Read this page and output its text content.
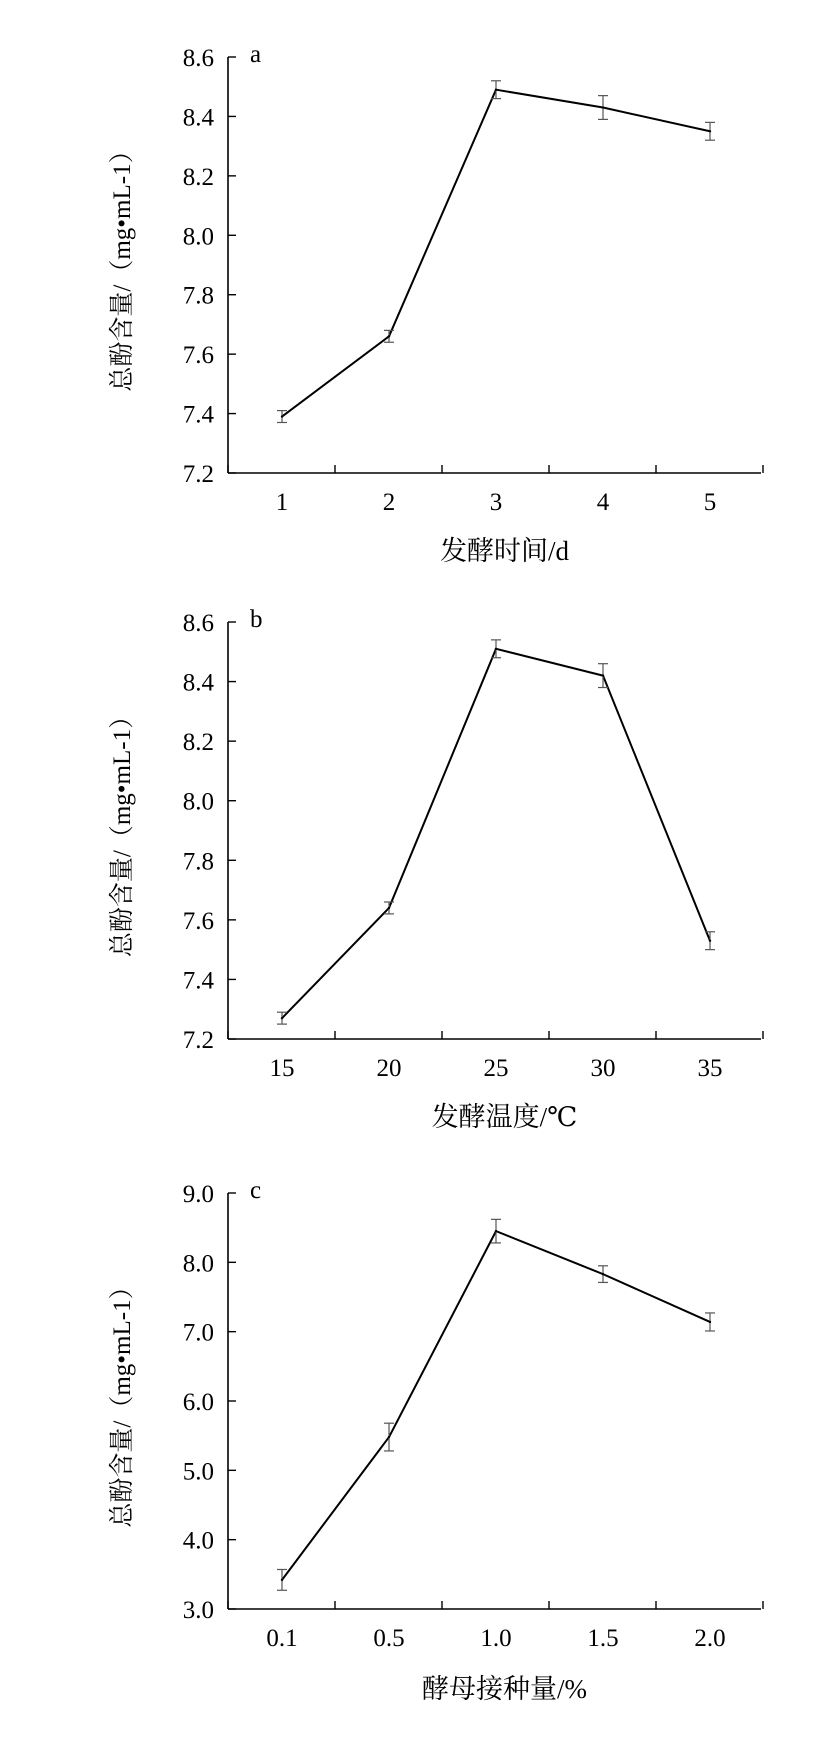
7.2
7.4
7.6
7.8
8.0
8.2
8.4
8.6
1	2	3	4	5
a
发酵时间/d
总酚含量/（mg•mL-1）
7.2
7.4
7.6
7.8
8.0
8.2
8.4
8.6
15	20	25	30	35
b
发酵温度/℃
总酚含量/（mg•mL-1）
3.0
4.0
5.0
6.0
7.0
8.0
9.0
0.1	0.5	1.0	1.5	2.0
c
酵母接种量/%
总酚含量/（mg•mL-1）
